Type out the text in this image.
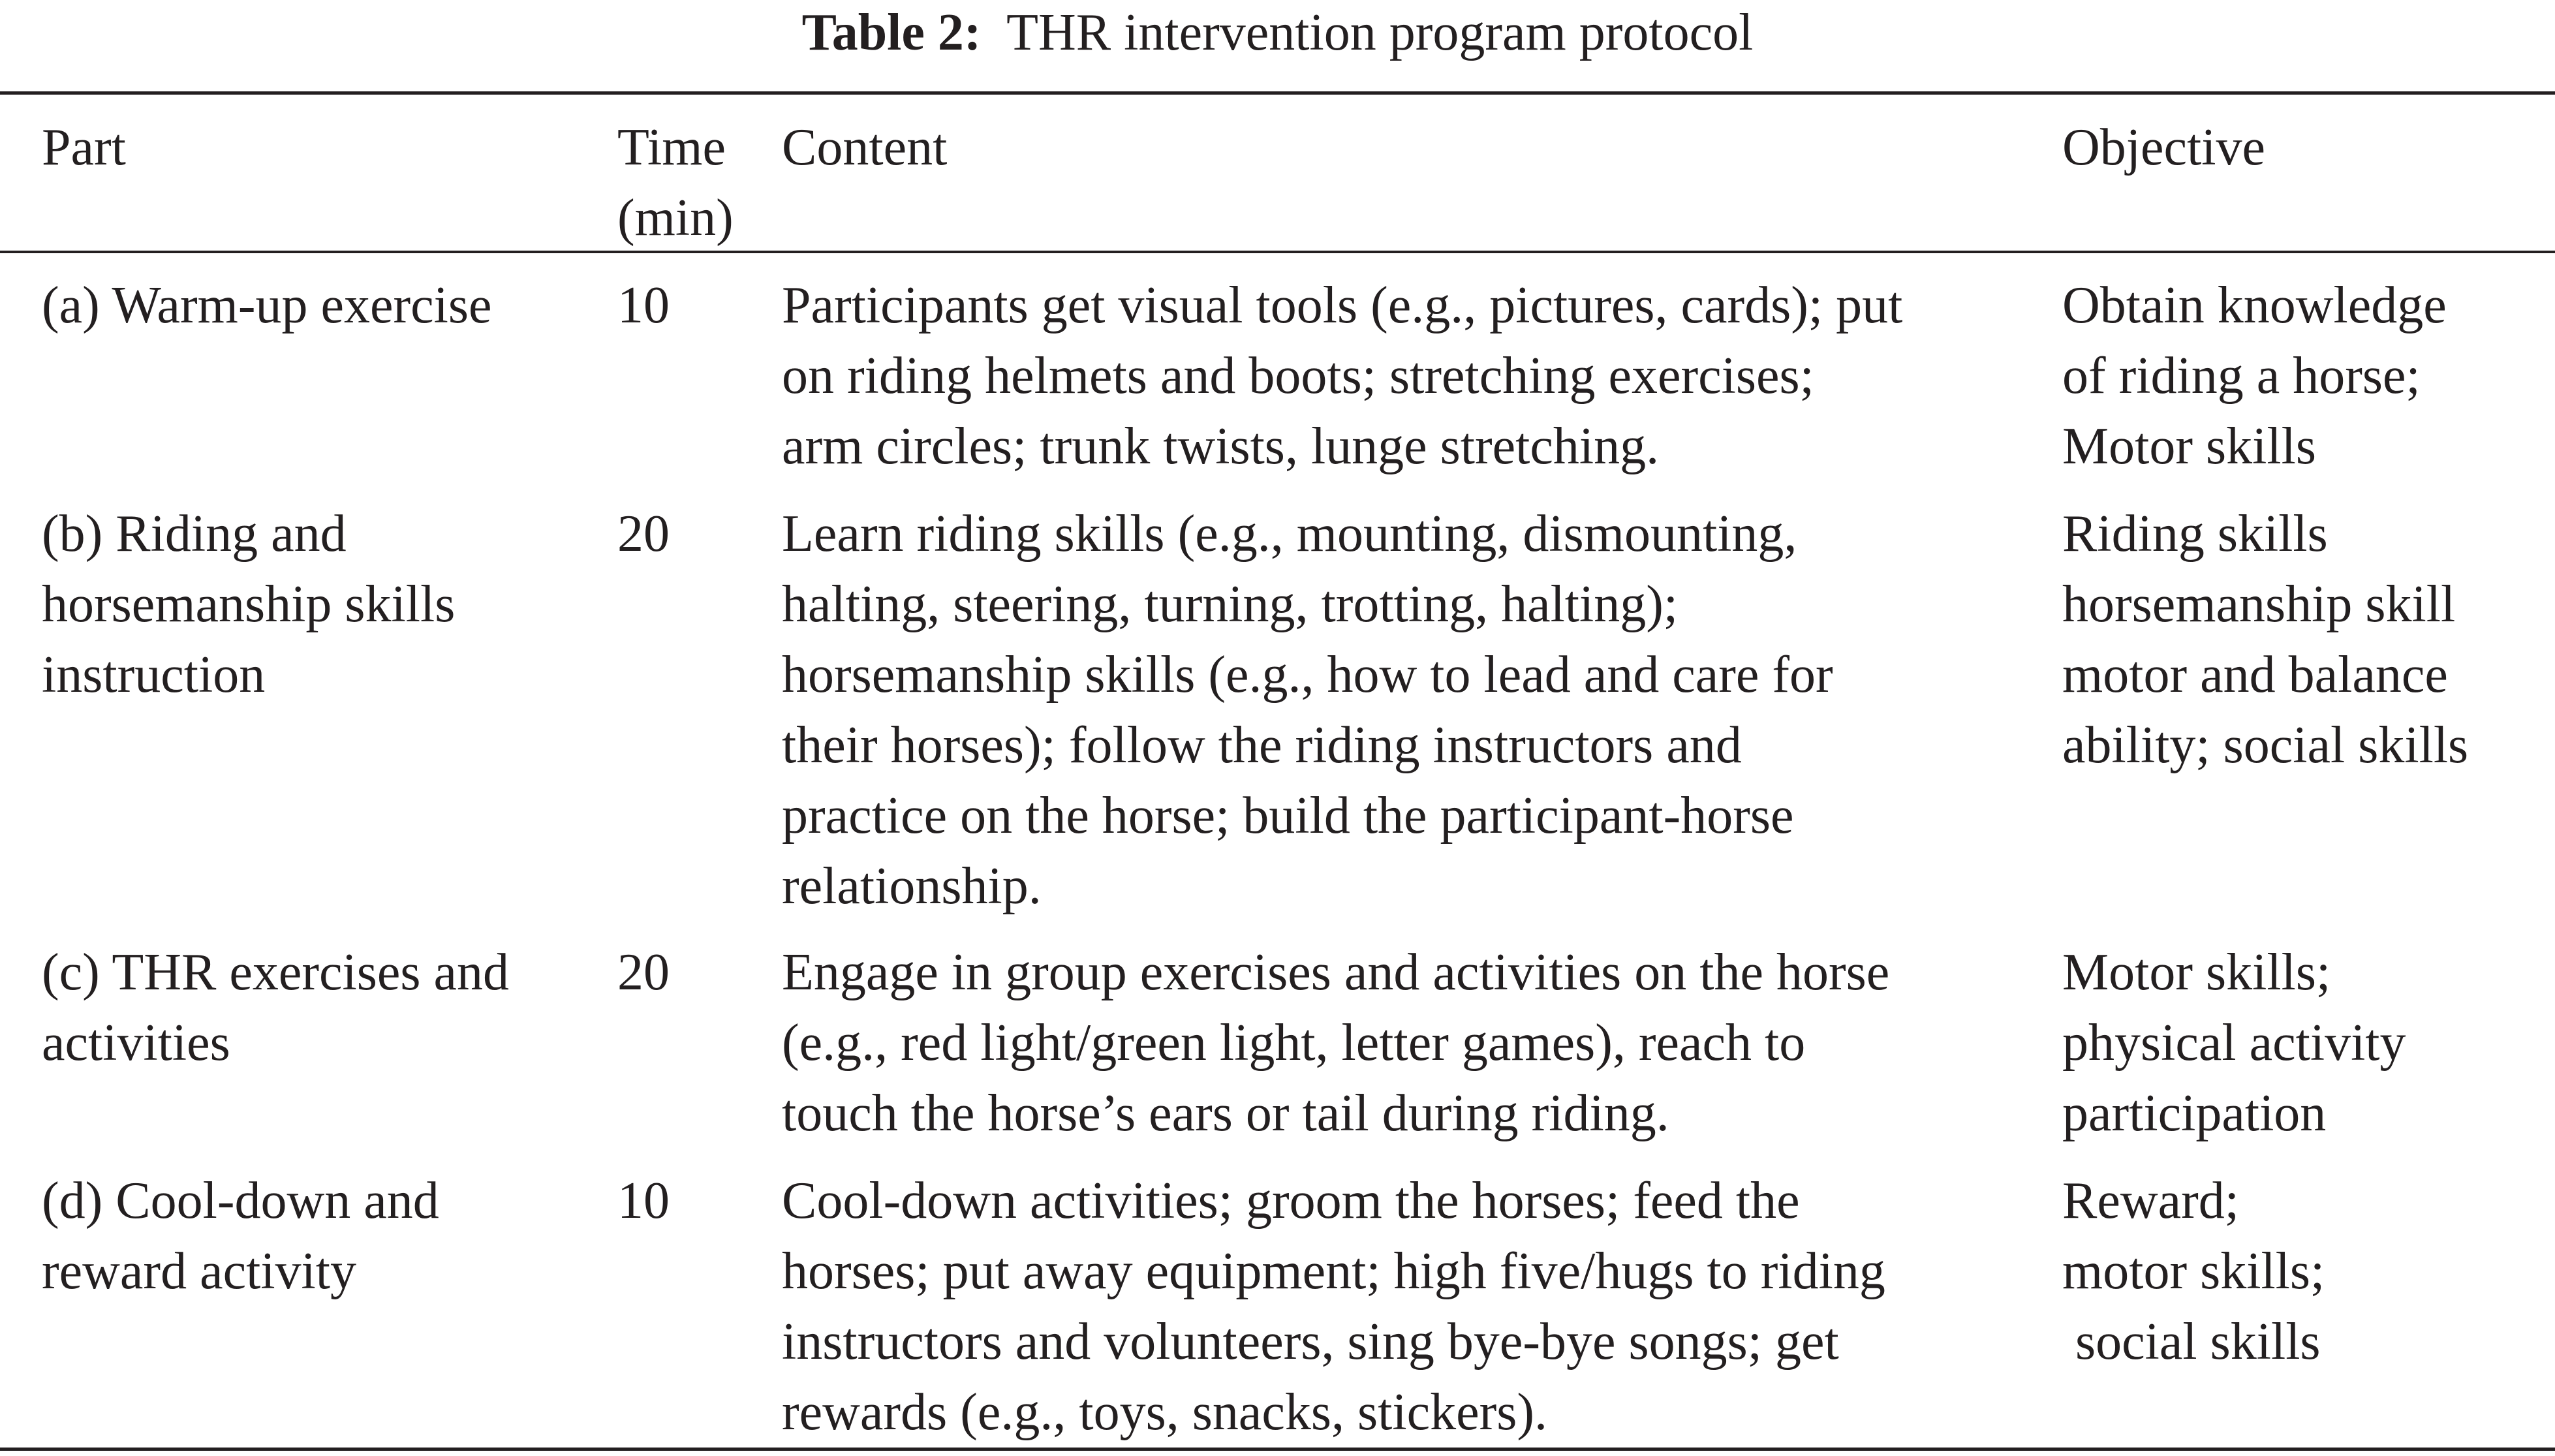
Table 2: THR intervention program protocol
Part	Time
(min)
Content	Objective
(a) Warm-up exercise 10 Participants get visual tools (e.g., pictures, cards); put
on riding helmets and boots; stretching exercises;
arm circles; trunk twists, lunge stretching.
Obtain knowledge
of riding a horse;
Motor skills
(b) Riding and
horsemanship skills
instruction
20 Learn riding skills (e.g., mounting, dismounting,
halting, steering, turning, trotting, halting);
horsemanship skills (e.g., how to lead and care for
their horses); follow the riding instructors and
practice on the horse; build the participant-horse
relationship.
Riding skills
horsemanship skill
motor and balance
ability; social skills
(c) THR exercises and
activities
20 Engage in group exercises and activities on the horse
(e.g., red light/green light, letter games), reach to
touch the horse’s ears or tail during riding.
Motor skills;
physical activity
participation
(d) Cool-down and
reward activity
10 Cool-down activities; groom the horses; feed the
horses; put away equipment; high five/hugs to riding
instructors and volunteers, sing bye-bye songs; get
rewards (e.g., toys, snacks, stickers).
Reward;
motor skills;
social skills
